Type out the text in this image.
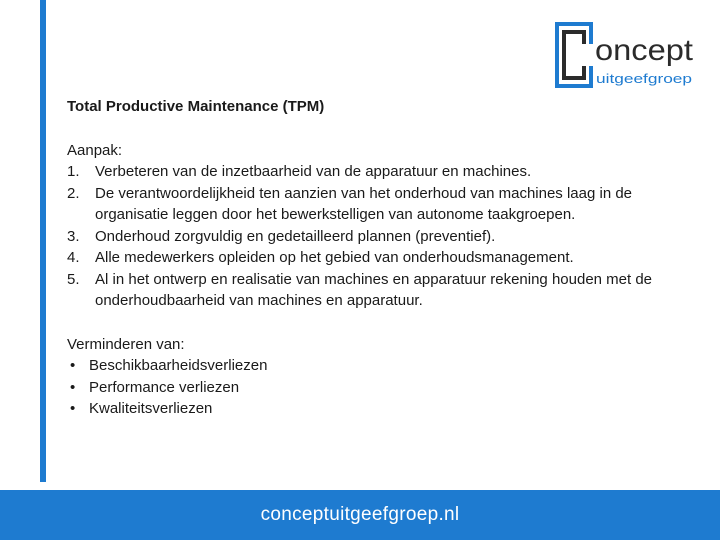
oncept
uitgeefgroep

Total Productive Maintenance (TPM)

Aanpak:

1. Verbeteren van de inzetbaarheid van de apparatuur en machines.
2. De verantwoordelijkheid ten aanzien van het onderhoud van machines laag in de organisatie leggen door het bewerkstelligen van autonome taakgroepen.
3. Onderhoud zorgvuldig en gedetailleerd plannen (preventief).
4. Alle medewerkers opleiden op het gebied van onderhoudsmanagement.
5. Al in het ontwerp en realisatie van machines en apparatuur rekening houden met de onderhoudbaarheid van machines en apparatuur.

Verminderen van:

• Beschikbaarheidsverliezen
• Performance verliezen
• Kwaliteitsverliezen
conceptuitgeefgroep.nl
